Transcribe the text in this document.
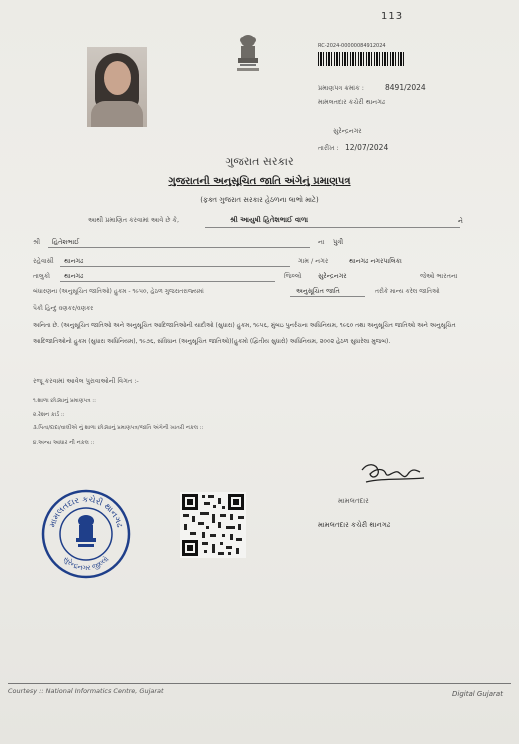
113
RC-2024-00000084912024
પ્રમાણપત્ર ક્રમાંક :	8491/2024
મામલતદાર કચેરી થાનગઢ
સુરેન્દ્રનગર
તારીખ : 12/07/2024
ગુજરાત સરકાર
ગુજરાતની અનુસૂચિત જાતિ અંગેનું પ્રમાણપત્ર
(ફક્ત ગુજરાત સરકાર હેઠળના લાભો માટે)
આથી પ્રમાણિત કરવામાં આવે છે કે,	શ્રી આયુષી હિતેશભાઈ વાળા	ને
શ્રી હિતેશભાઈ	ના પુત્રી
રહેવાસી થાનગઢ	ગામ / નગર	થાનગઢ નગરપાલિકા
તાલુકો થાનગઢ	જિલ્લો	સુરેન્દ્રનગર	જેઓ ભારતના
બંધારણના (અનુસૂચિત જાતિઓ) હુકમ - ૧૯૫૦, હેઠળ ગુજરાતરાજ્યમાં	અનુસૂચિત જાતિ	તરીકે માન્ય કરેલ જાતિઓ
પૈકી હિન્દુ વણકર/વણકર
અનિતા છે. (અનુસૂચિત જાતિઓ અને અનુસૂચિત આદિજાતિઓની યાદીઓ (સુધારા) હુકમ, ૧૯૫૬, મુંબઇ પુનર્રચના અધિનિયમ, ૧૯૬૦ તથા અનુસૂચિત જાતિઓ અને અનુસૂચિત આદિજાતિઓનો હુકમ (સુધારા અધિનિયમ), ૧૯૭૬, સંવિધાન (અનુસૂચિત જાતિઓ)(હુકમો (દ્વિતીય સુધારો) અધિનિયમ, ૨૦૦૨ હેઠળ સુધારેલા મુજબ).
રજૂ કરવામાં આવેલ પુરાવાઓની વિગત :-
૧.શાળા છોડ્યાનું પ્રમાણપત્ર ::
૨.રેશન કાર્ડ ::
૩.પિતા/દાદા/વાલીએ નું શાળા છોડ્યાનું પ્રમાણપત્ર/જાતિ અંગેની ખાતરી નકલ ::
૪.અન્ય આધાર ની નકલ ::
મામલતદાર કચેરી થાનગઢ
સુરેન્દ્રનગર જીલ્લો
મામલતદાર
મામલતદાર કચેરી થાનગઢ
Courtesy :: National Informatics Centre, Gujarat	Digital Gujarat
